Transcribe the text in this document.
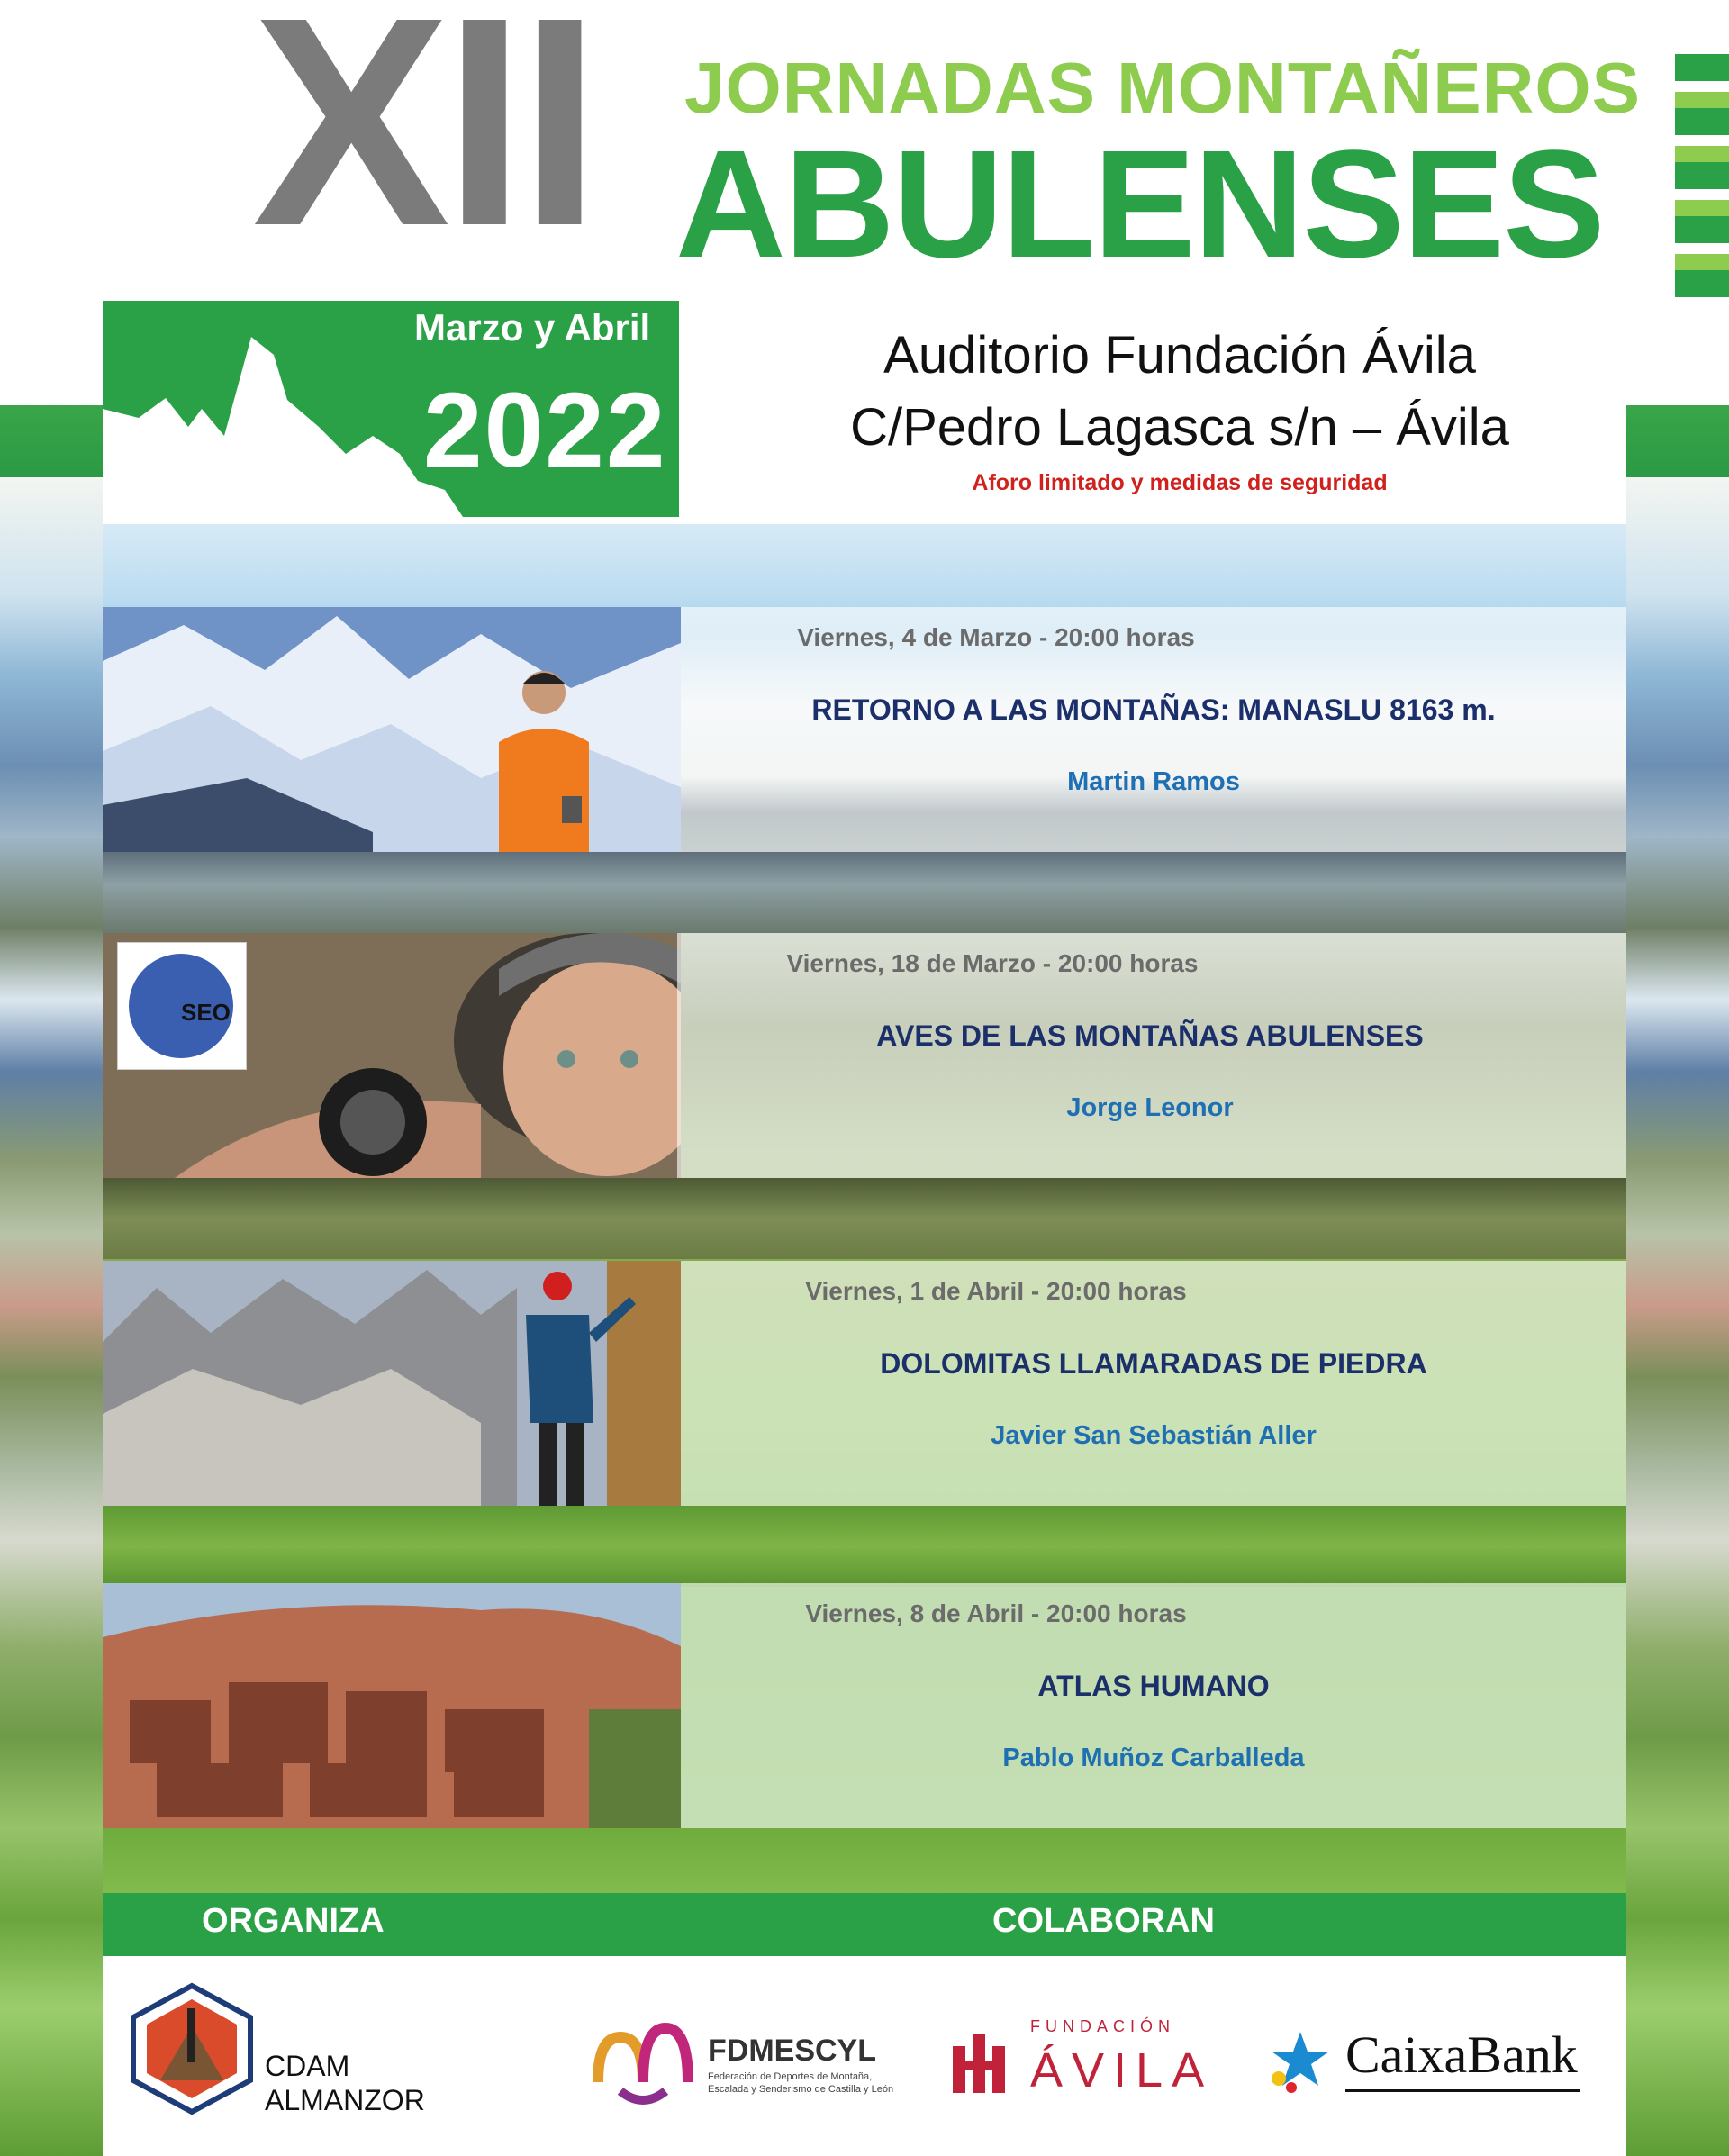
XII JORNADAS MONTAÑEROS
ABULENSES
Marzo y Abril
2022
Auditorio Fundación Ávila
C/Pedro Lagasca s/n – Ávila
Aforo limitado y medidas de seguridad
Viernes, 4 de Marzo - 20:00 horas
RETORNO A LAS MONTAÑAS: MANASLU 8163 m.
Martin Ramos
SEO
Viernes, 18 de Marzo - 20:00 horas
AVES DE LAS MONTAÑAS ABULENSES
Jorge Leonor
Viernes, 1 de Abril - 20:00 horas
DOLOMITAS LLAMARADAS DE PIEDRA
Javier San Sebastián Aller
Viernes, 8 de Abril - 20:00 horas
ATLAS HUMANO
Pablo Muñoz Carballeda
ORGANIZA	COLABORAN
CDAM
ALMANZOR
FDMESCYL
Federación de Deportes de Montaña,
Escalada y Senderismo de Castilla y León
FUNDACIÓN
ÁVILA	CaixaBank
